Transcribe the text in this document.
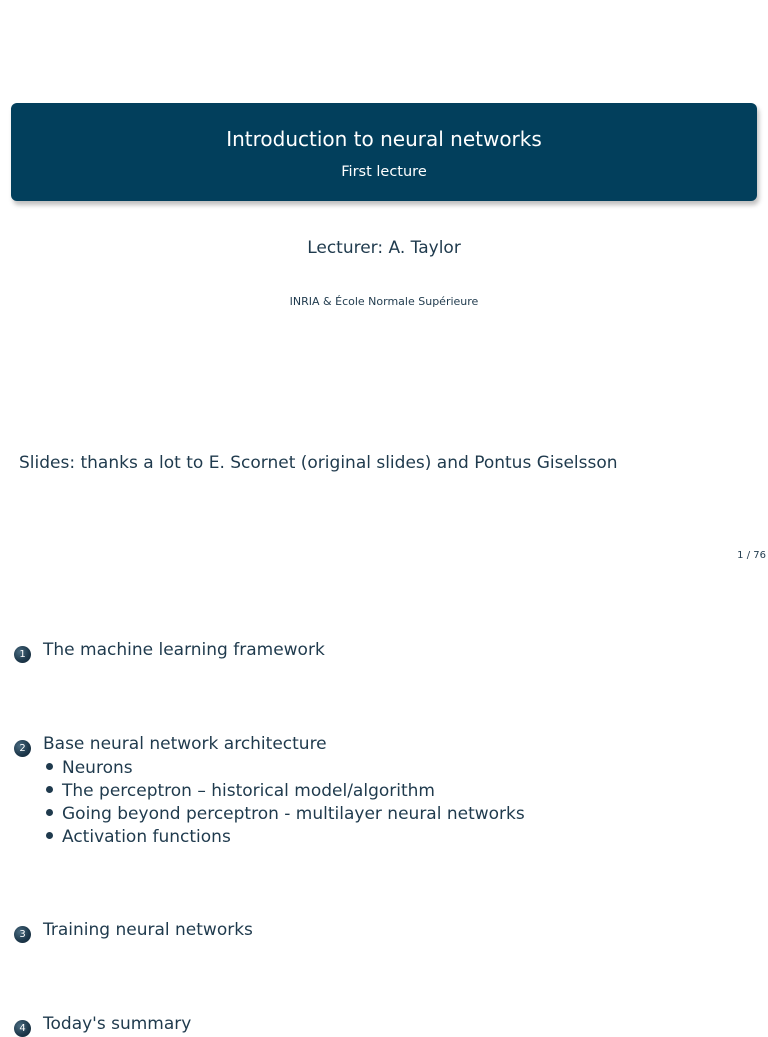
Introduction to neural networks
First lecture
Lecturer: A. Taylor
INRIA & École Normale Supérieure
Slides: thanks a lot to E. Scornet (original slides) and Pontus Giselsson
1 / 76
1 The machine learning framework
2 Base neural network architecture
Neurons
The perceptron – historical model/algorithm
Going beyond perceptron - multilayer neural networks
Activation functions
3 Training neural networks
4 Today's summary
